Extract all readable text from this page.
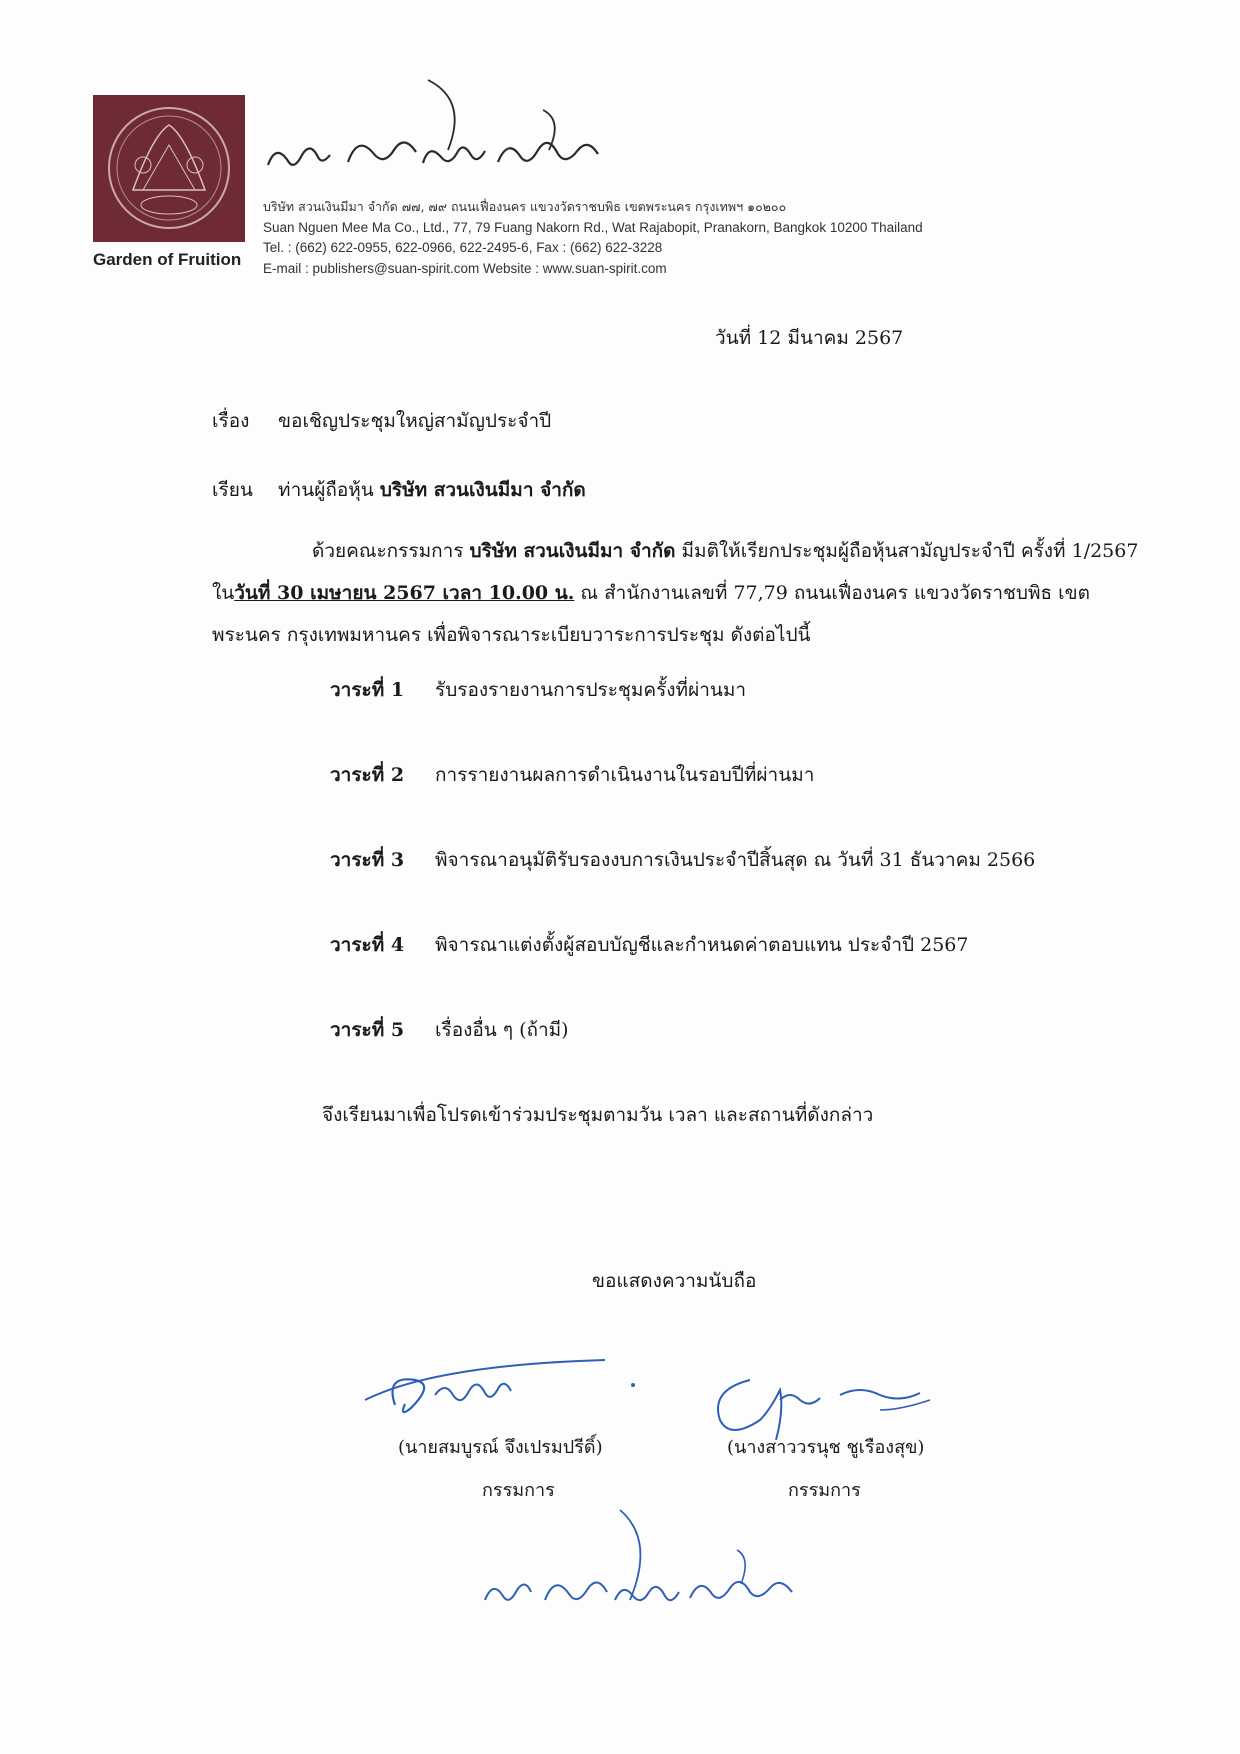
Garden of Fruition
บริษัท สวนเงินมีมา จำกัด ๗๗, ๗๙ ถนนเฟื่องนคร แขวงวัดราชบพิธ เขตพระนคร กรุงเทพฯ ๑๐๒๐๐
Suan Nguen Mee Ma Co., Ltd., 77, 79 Fuang Nakorn Rd., Wat Rajabopit, Pranakorn, Bangkok 10200 Thailand
Tel. : (662) 622-0955, 622-0966, 622-2495-6, Fax : (662) 622-3228
E-mail : publishers@suan-spirit.com Website : www.suan-spirit.com
วันที่ 12 มีนาคม 2567
เรื่อง ขอเชิญประชุมใหญ่สามัญประจำปี
เรียน ท่านผู้ถือหุ้น บริษัท สวนเงินมีมา จำกัด
ด้วยคณะกรรมการ บริษัท สวนเงินมีมา จำกัด มีมติให้เรียกประชุมผู้ถือหุ้นสามัญประจำปี ครั้งที่ 1/2567 ในวันที่ 30 เมษายน 2567 เวลา 10.00 น. ณ สำนักงานเลขที่ 77,79 ถนนเฟื่องนคร แขวงวัดราชบพิธ เขตพระนคร กรุงเทพมหานคร เพื่อพิจารณาระเบียบวาระการประชุม ดังต่อไปนี้
วาระที่ 1 รับรองรายงานการประชุมครั้งที่ผ่านมา
วาระที่ 2 การรายงานผลการดำเนินงานในรอบปีที่ผ่านมา
วาระที่ 3 พิจารณาอนุมัติรับรองงบการเงินประจำปีสิ้นสุด ณ วันที่ 31 ธันวาคม 2566
วาระที่ 4 พิจารณาแต่งตั้งผู้สอบบัญชีและกำหนดค่าตอบแทน ประจำปี 2567
วาระที่ 5 เรื่องอื่น ๆ (ถ้ามี)
จึงเรียนมาเพื่อโปรดเข้าร่วมประชุมตามวัน เวลา และสถานที่ดังกล่าว
ขอแสดงความนับถือ
(นายสมบูรณ์ จึงเปรมปรีดิ์)
กรรมการ
(นางสาววรนุช ชูเรืองสุข)
กรรมการ
